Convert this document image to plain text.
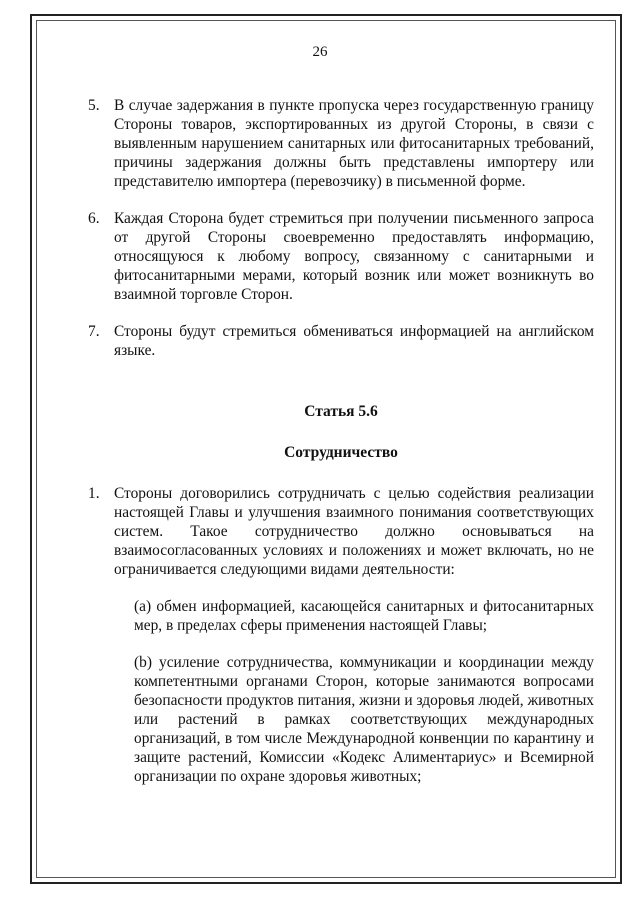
26
5. В случае задержания в пункте пропуска через государственную границу Стороны товаров, экспортированных из другой Стороны, в связи с выявленным нарушением санитарных или фитосанитарных требований, причины задержания должны быть представлены импортеру или представителю импортера (перевозчику) в письменной форме.
6. Каждая Сторона будет стремиться при получении письменного запроса от другой Стороны своевременно предоставлять информацию, относящуюся к любому вопросу, связанному с санитарными и фитосанитарными мерами, который возник или может возникнуть во взаимной торговле Сторон.
7. Стороны будут стремиться обмениваться информацией на английском языке.

Статья 5.6

Сотрудничество

1. Стороны договорились сотрудничать с целью содействия реализации настоящей Главы и улучшения взаимного понимания соответствующих систем. Такое сотрудничество должно основываться на взаимосогласованных условиях и положениях и может включать, но не ограничивается следующими видами деятельности:
(a) обмен информацией, касающейся санитарных и фитосанитарных мер, в пределах сферы применения настоящей Главы;
(b) усиление сотрудничества, коммуникации и координации между компетентными органами Сторон, которые занимаются вопросами безопасности продуктов питания, жизни и здоровья людей, животных или растений в рамках соответствующих международных организаций, в том числе Международной конвенции по карантину и защите растений, Комиссии «Кодекс Алиментариус» и Всемирной организации по охране здоровья животных;
